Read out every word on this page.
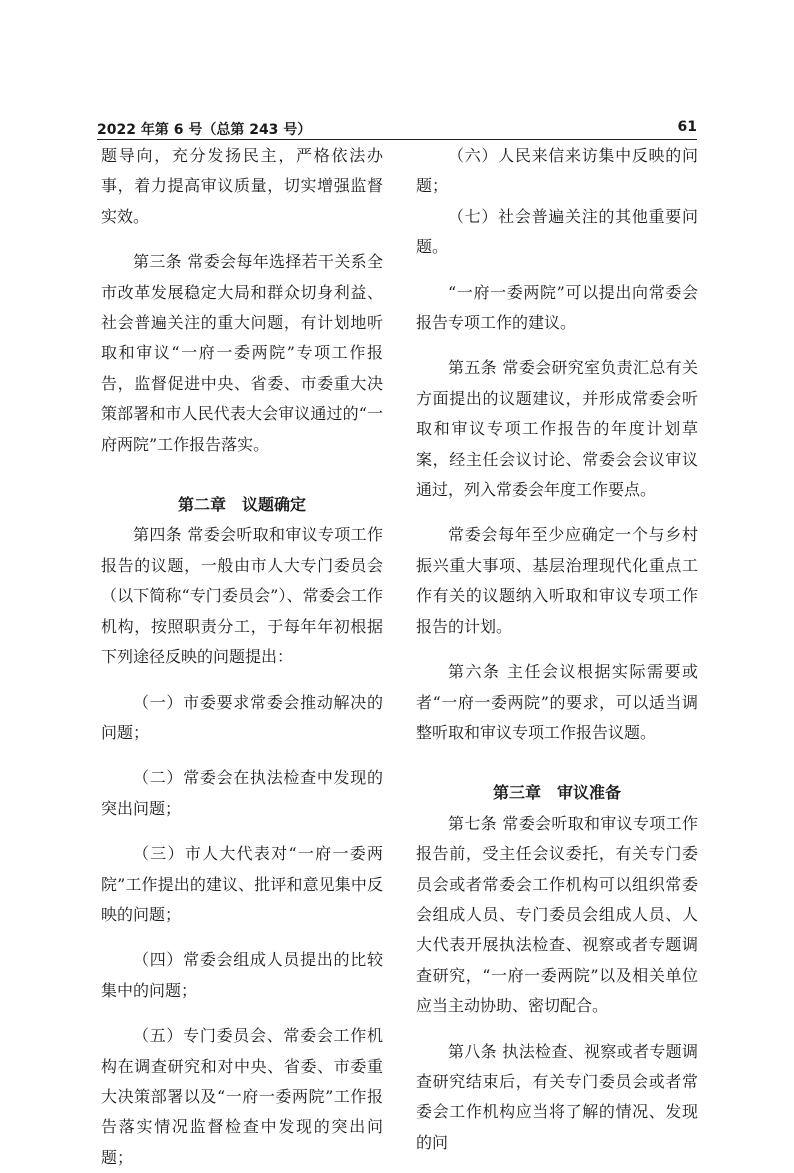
2022 年第 6 号（总第 243 号）	61

题导向，充分发扬民主，严格依法办事，着力提高审议质量，切实增强监督实效。

第三条 常委会每年选择若干关系全市改革发展稳定大局和群众切身利益、社会普遍关注的重大问题，有计划地听取和审议“一府一委两院”专项工作报告，监督促进中央、省委、市委重大决策部署和市人民代表大会审议通过的“一府两院”工作报告落实。

第二章　议题确定

第四条 常委会听取和审议专项工作报告的议题，一般由市人大专门委员会（以下简称“专门委员会”）、常委会工作机构，按照职责分工，于每年年初根据下列途径反映的问题提出：

（一）市委要求常委会推动解决的问题；

（二）常委会在执法检查中发现的突出问题；

（三）市人大代表对“一府一委两院”工作提出的建议、批评和意见集中反映的问题；

（四）常委会组成人员提出的比较集中的问题；

（五）专门委员会、常委会工作机构在调查研究和对中央、省委、市委重大决策部署以及“一府一委两院”工作报告落实情况监督检查中发现的突出问题；

（六）人民来信来访集中反映的问题；

（七）社会普遍关注的其他重要问题。

“一府一委两院”可以提出向常委会报告专项工作的建议。

第五条 常委会研究室负责汇总有关方面提出的议题建议，并形成常委会听取和审议专项工作报告的年度计划草案，经主任会议讨论、常委会会议审议通过，列入常委会年度工作要点。

常委会每年至少应确定一个与乡村振兴重大事项、基层治理现代化重点工作有关的议题纳入听取和审议专项工作报告的计划。

第六条 主任会议根据实际需要或者“一府一委两院”的要求，可以适当调整听取和审议专项工作报告议题。

第三章　审议准备

第七条 常委会听取和审议专项工作报告前，受主任会议委托，有关专门委员会或者常委会工作机构可以组织常委会组成人员、专门委员会组成人员、人大代表开展执法检查、视察或者专题调查研究，“一府一委两院”以及相关单位应当主动协助、密切配合。

第八条 执法检查、视察或者专题调查研究结束后，有关专门委员会或者常委会工作机构应当将了解的情况、发现的问
